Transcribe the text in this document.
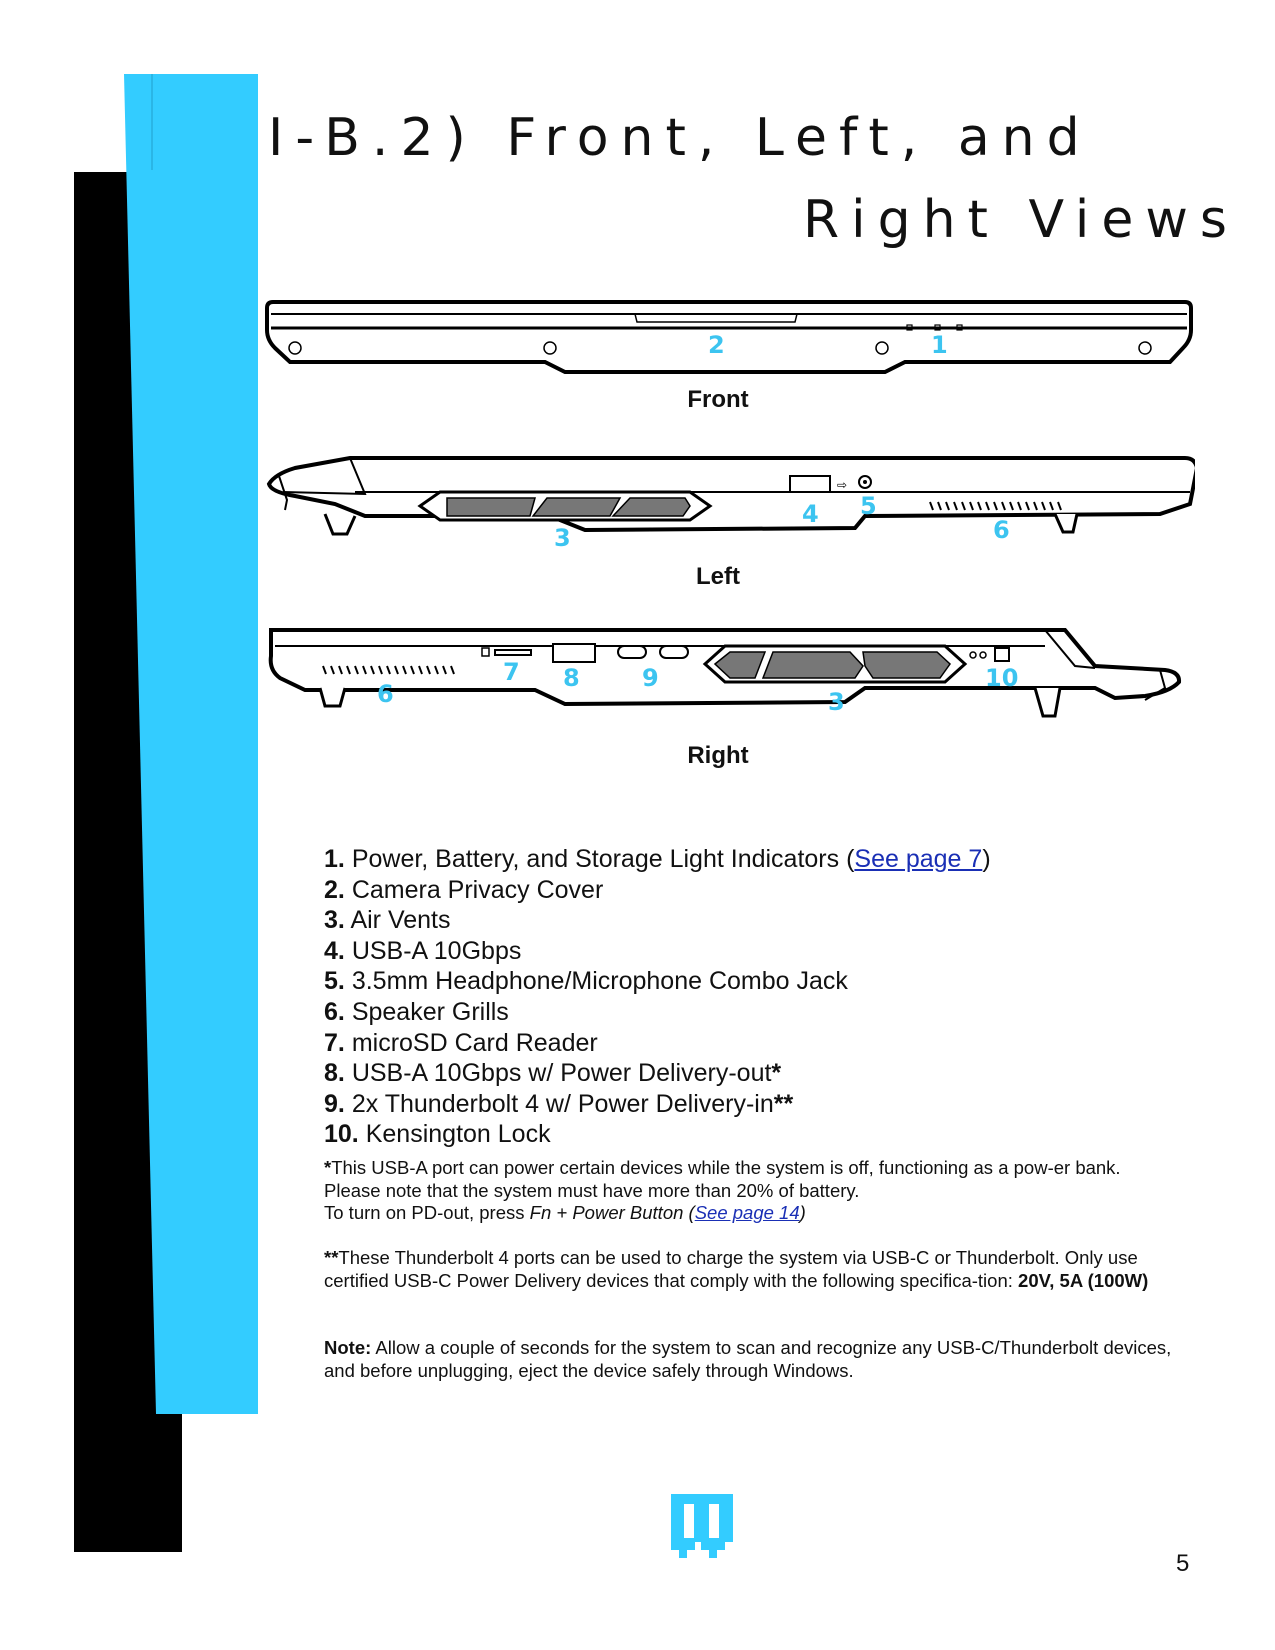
I-B.2) Front, Left, and
Right Views
2	1
Front
⇨
3
4 5
6
Left
7 8	9	10
6	3
Right
1. Power, Battery, and Storage Light Indicators (See page 7)
2. Camera Privacy Cover
3. Air Vents
4. USB-A 10Gbps
5. 3.5mm Headphone/Microphone Combo Jack
6. Speaker Grills
7. microSD Card Reader
8. USB-A 10Gbps w/ Power Delivery-out*
9. 2x Thunderbolt 4 w/ Power Delivery-in**
10. Kensington Lock

*This USB-A port can power certain devices while the system is off, functioning as a pow-er bank. Please note that the system must have more than 20% of battery.
To turn on PD-out, press Fn + Power Button (See page 14)

**These Thunderbolt 4 ports can be used to charge the system via USB-C or Thunderbolt. Only use certified USB-C Power Delivery devices that comply with the following specifica-tion: 20V, 5A (100W)

Note: Allow a couple of seconds for the system to scan and recognize any USB-C/Thunderbolt devices, and before unplugging, eject the device safely through Windows.

5
